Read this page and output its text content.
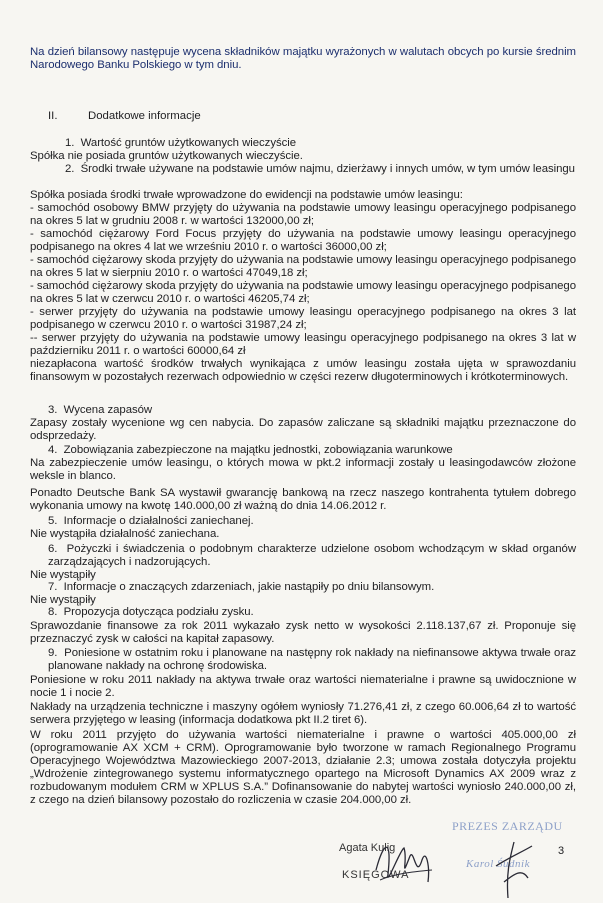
Na dzień bilansowy następuje wycena składników majątku wyrażonych w walutach obcych po kursie średnim Narodowego Banku Polskiego w tym dniu.

II.	Dodatkowe informacje

1.  Wartość gruntów użytkowanych wieczyście

Spółka nie posiada gruntów użytkowanych wieczyście.

2.  Środki trwałe używane na podstawie umów najmu, dzierżawy i innych umów, w tym umów leasingu

Spółka posiada środki trwałe wprowadzone do ewidencji na podstawie umów leasingu:

- samochód osobowy BMW przyjęty do używania na podstawie umowy leasingu operacyjnego podpisanego na okres 5 lat w grudniu 2008 r. w wartości 132000,00 zł;

- samochód ciężarowy Ford Focus przyjęty do używania na podstawie umowy leasingu operacyjnego podpisanego na okres 4 lat we wrześniu 2010 r. o wartości 36000,00 zł;

- samochód ciężarowy skoda przyjęty do używania na podstawie umowy leasingu operacyjnego podpisanego na okres 5 lat w sierpniu 2010 r. o wartości 47049,18 zł;

- samochód ciężarowy skoda przyjęty do używania na podstawie umowy leasingu operacyjnego podpisanego na okres 5 lat w czerwcu 2010 r. o wartości 46205,74 zł;

- serwer przyjęty do używania na podstawie umowy leasingu operacyjnego podpisanego na okres 3 lat podpisanego w czerwcu 2010 r. o wartości 31987,24 zł;

-- serwer przyjęty do używania na podstawie umowy leasingu operacyjnego podpisanego na okres 3 lat w październiku 2011 r. o wartości 60000,64 zł

niezapłacona wartość środków trwałych wynikająca z umów leasingu została ujęta w sprawozdaniu finansowym w pozostałych rezerwach odpowiednio w części rezerw długoterminowych i krótkoterminowych.

3.  Wycena zapasów

Zapasy zostały wycenione wg cen nabycia. Do zapasów zaliczane są składniki majątku przeznaczone do odsprzedaży.

4.  Zobowiązania zabezpieczone na majątku jednostki, zobowiązania warunkowe

Na zabezpieczenie umów leasingu, o których mowa w pkt.2 informacji zostały u leasingodawców złożone weksle in blanco.

Ponadto Deutsche Bank SA wystawił gwarancję bankową na rzecz naszego kontrahenta tytułem dobrego wykonania umowy na kwotę 140.000,00 zł ważną do dnia 14.06.2012 r.

5.  Informacje o działalności zaniechanej.

Nie wystąpiła działalność zaniechana.

6.  Pożyczki i świadczenia o podobnym charakterze udzielone osobom wchodzącym w skład organów zarządzających i nadzorujących.

Nie wystąpiły

7.  Informacje o znaczących zdarzeniach, jakie nastąpiły po dniu bilansowym.

Nie wystąpiły

8.  Propozycja dotycząca podziału zysku.

Sprawozdanie finansowe za rok 2011 wykazało zysk netto w wysokości 2.118.137,67 zł. Proponuje się przeznaczyć zysk w całości na kapitał zapasowy.

9.  Poniesione w ostatnim roku i planowane na następny rok nakłady na niefinansowe aktywa trwałe oraz planowane nakłady na ochronę środowiska.

Poniesione w roku 2011 nakłady na aktywa trwałe oraz wartości niematerialne i prawne są uwidocznione w nocie 1 i nocie 2.

Nakłady na urządzenia techniczne i maszyny ogółem wyniosły 71.276,41 zł, z czego 60.006,64 zł to wartość serwera przyjętego w leasing (informacja dodatkowa pkt II.2 tiret 6).

W roku 2011 przyjęto do używania wartości niematerialne i prawne o wartości 405.000,00 zł (oprogramowanie AX XCM + CRM). Oprogramowanie było tworzone w ramach Regionalnego Programu Operacyjnego Województwa Mazowieckiego 2007-2013, działanie 2.3; umowa została dotyczyła projektu „Wdrożenie zintegrowanego systemu informatycznego opartego na Microsoft Dynamics AX 2009 wraz z rozbudowanym modułem CRM w XPLUS S.A.” Dofinansowanie do nabytej wartości wyniosło 240.000,00 zł, z czego na dzień bilansowy pozostało do rozliczenia w czasie 204.000,00 zł.

PREZES ZARZĄDU
Karol Śudnik
3
Agata Kulig
KSIĘGOWA
